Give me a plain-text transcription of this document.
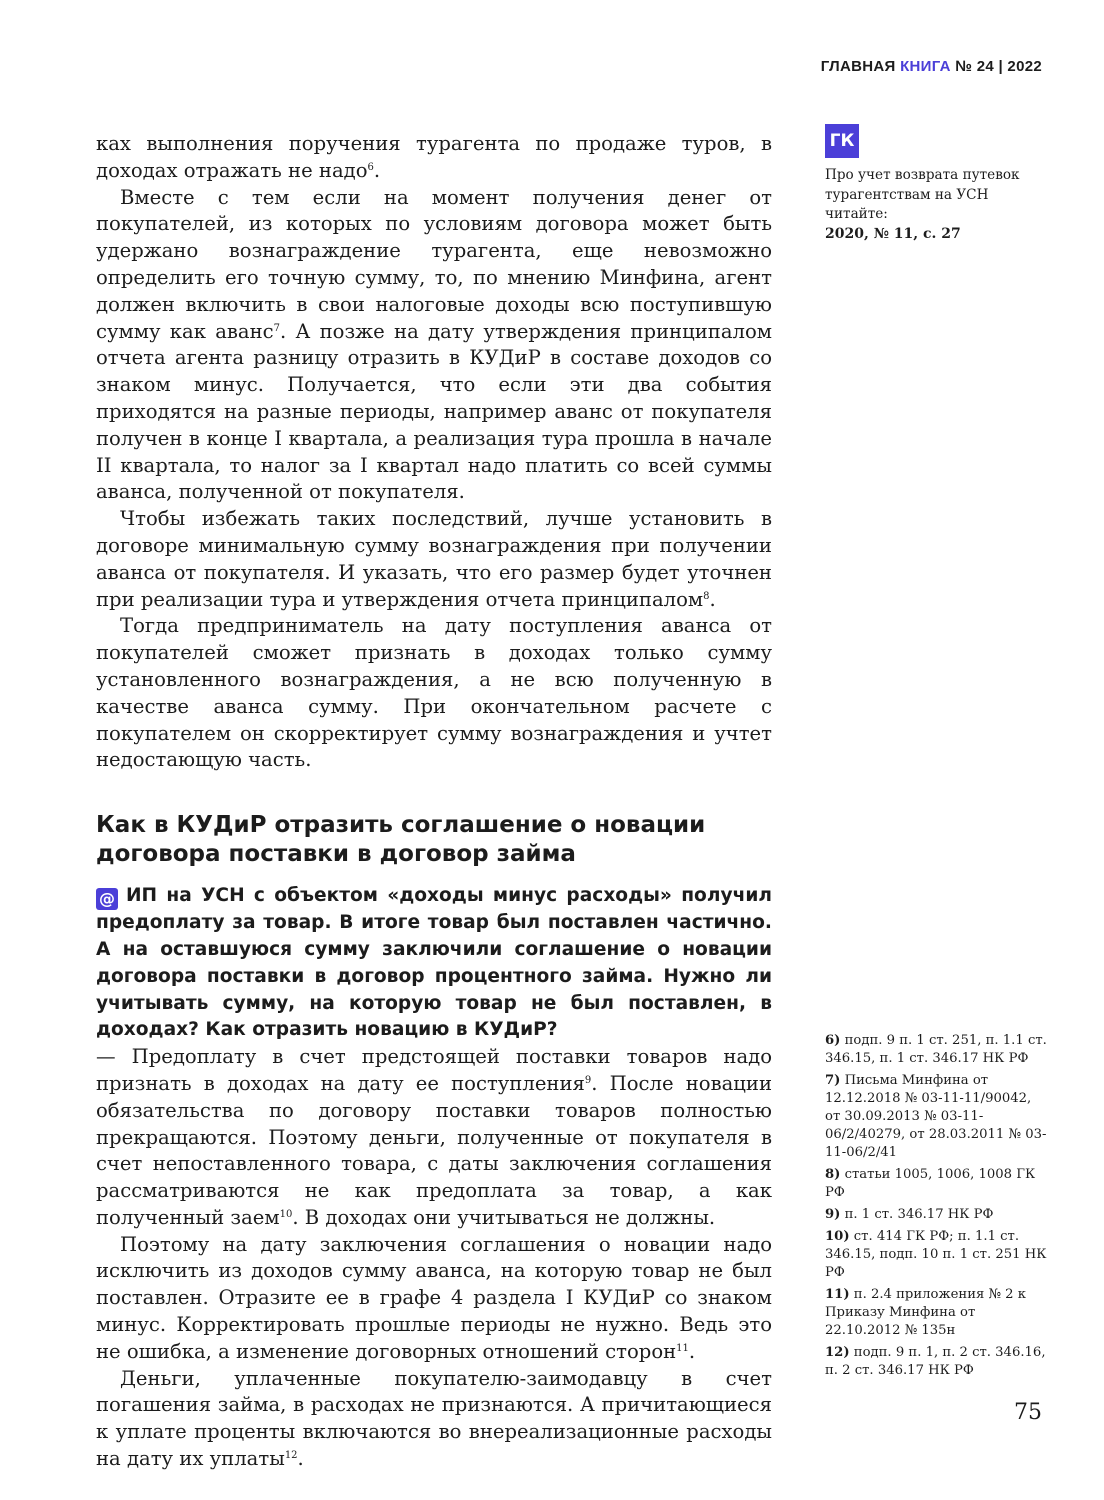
ГЛАВНАЯ КНИГА № 24 | 2022
ГК
Про учет возврата путевок турагентствам на УСН читайте:
2020, № 11, с. 27

ках выполнения поручения турагента по продаже туров, в доходах отражать не надо$^6$.

Вместе с тем если на момент получения денег от покупателей, из которых по условиям договора может быть удержано вознаграждение турагента, еще невозможно определить его точную сумму, то, по мнению Минфина, агент должен включить в свои налоговые доходы всю поступившую сумму как аванс$^7$. А позже на дату утверждения принципалом отчета агента разницу отразить в КУДиР в составе доходов со знаком минус. Получается, что если эти два события приходятся на разные периоды, например аванс от покупателя получен в конце I квартала, а реализация тура прошла в начале II квартала, то налог за I квартал надо платить со всей суммы аванса, полученной от покупателя.

Чтобы избежать таких последствий, лучше установить в договоре минимальную сумму вознаграждения при получении аванса от покупателя. И указать, что его размер будет уточнен при реализации тура и утверждения отчета принципалом$^8$.

Тогда предприниматель на дату поступления аванса от покупателей сможет признать в доходах только сумму установленного вознаграждения, а не всю полученную в качестве аванса сумму. При окончательном расчете с покупателем он скорректирует сумму вознаграждения и учтет недостающую часть.

Как в КУДиР отразить соглашение о новации договора поставки в договор займа

@ ИП на УСН с объектом «доходы минус расходы» получил предоплату за товар. В итоге товар был поставлен частично. А на оставшуюся сумму заключили соглашение о новации договора поставки в договор процентного займа. Нужно ли учитывать сумму, на которую товар не был поставлен, в доходах? Как отразить новацию в КУДиР?

— Предоплату в счет предстоящей поставки товаров надо признать в доходах на дату ее поступления$^9$. После новации обязательства по договору поставки товаров полностью прекращаются. Поэтому деньги, полученные от покупателя в счет непоставленного товара, с даты заключения соглашения рассматриваются не как предоплата за товар, а как полученный заем$^{10}$. В доходах они учитываться не должны.

Поэтому на дату заключения соглашения о новации надо исключить из доходов сумму аванса, на которую товар не был поставлен. Отразите ее в графе 4 раздела I КУДиР со знаком минус. Корректировать прошлые периоды не нужно. Ведь это не ошибка, а изменение договорных отношений сторон$^{11}$.

Деньги, уплаченные покупателю-заимодавцу в счет погашения займа, в расходах не признаются. А причитающиеся к уплате проценты включаются во внереализационные расходы на дату их уплаты$^{12}$.

6) подп. 9 п. 1 ст. 251, п. 1.1 ст. 346.15, п. 1 ст. 346.17 НК РФ
7) Письма Минфина от 12.12.2018 № 03-11-11/90042, от 30.09.2013 № 03-11-06/2/40279, от 28.03.2011 № 03-11-06/2/41
8) статьи 1005, 1006, 1008 ГК РФ
9) п. 1 ст. 346.17 НК РФ
10) ст. 414 ГК РФ; п. 1.1 ст. 346.15, подп. 10 п. 1 ст. 251 НК РФ
11) п. 2.4 приложения № 2 к Приказу Минфина от 22.10.2012 № 135н
12) подп. 9 п. 1, п. 2 ст. 346.16, п. 2 ст. 346.17 НК РФ
75
